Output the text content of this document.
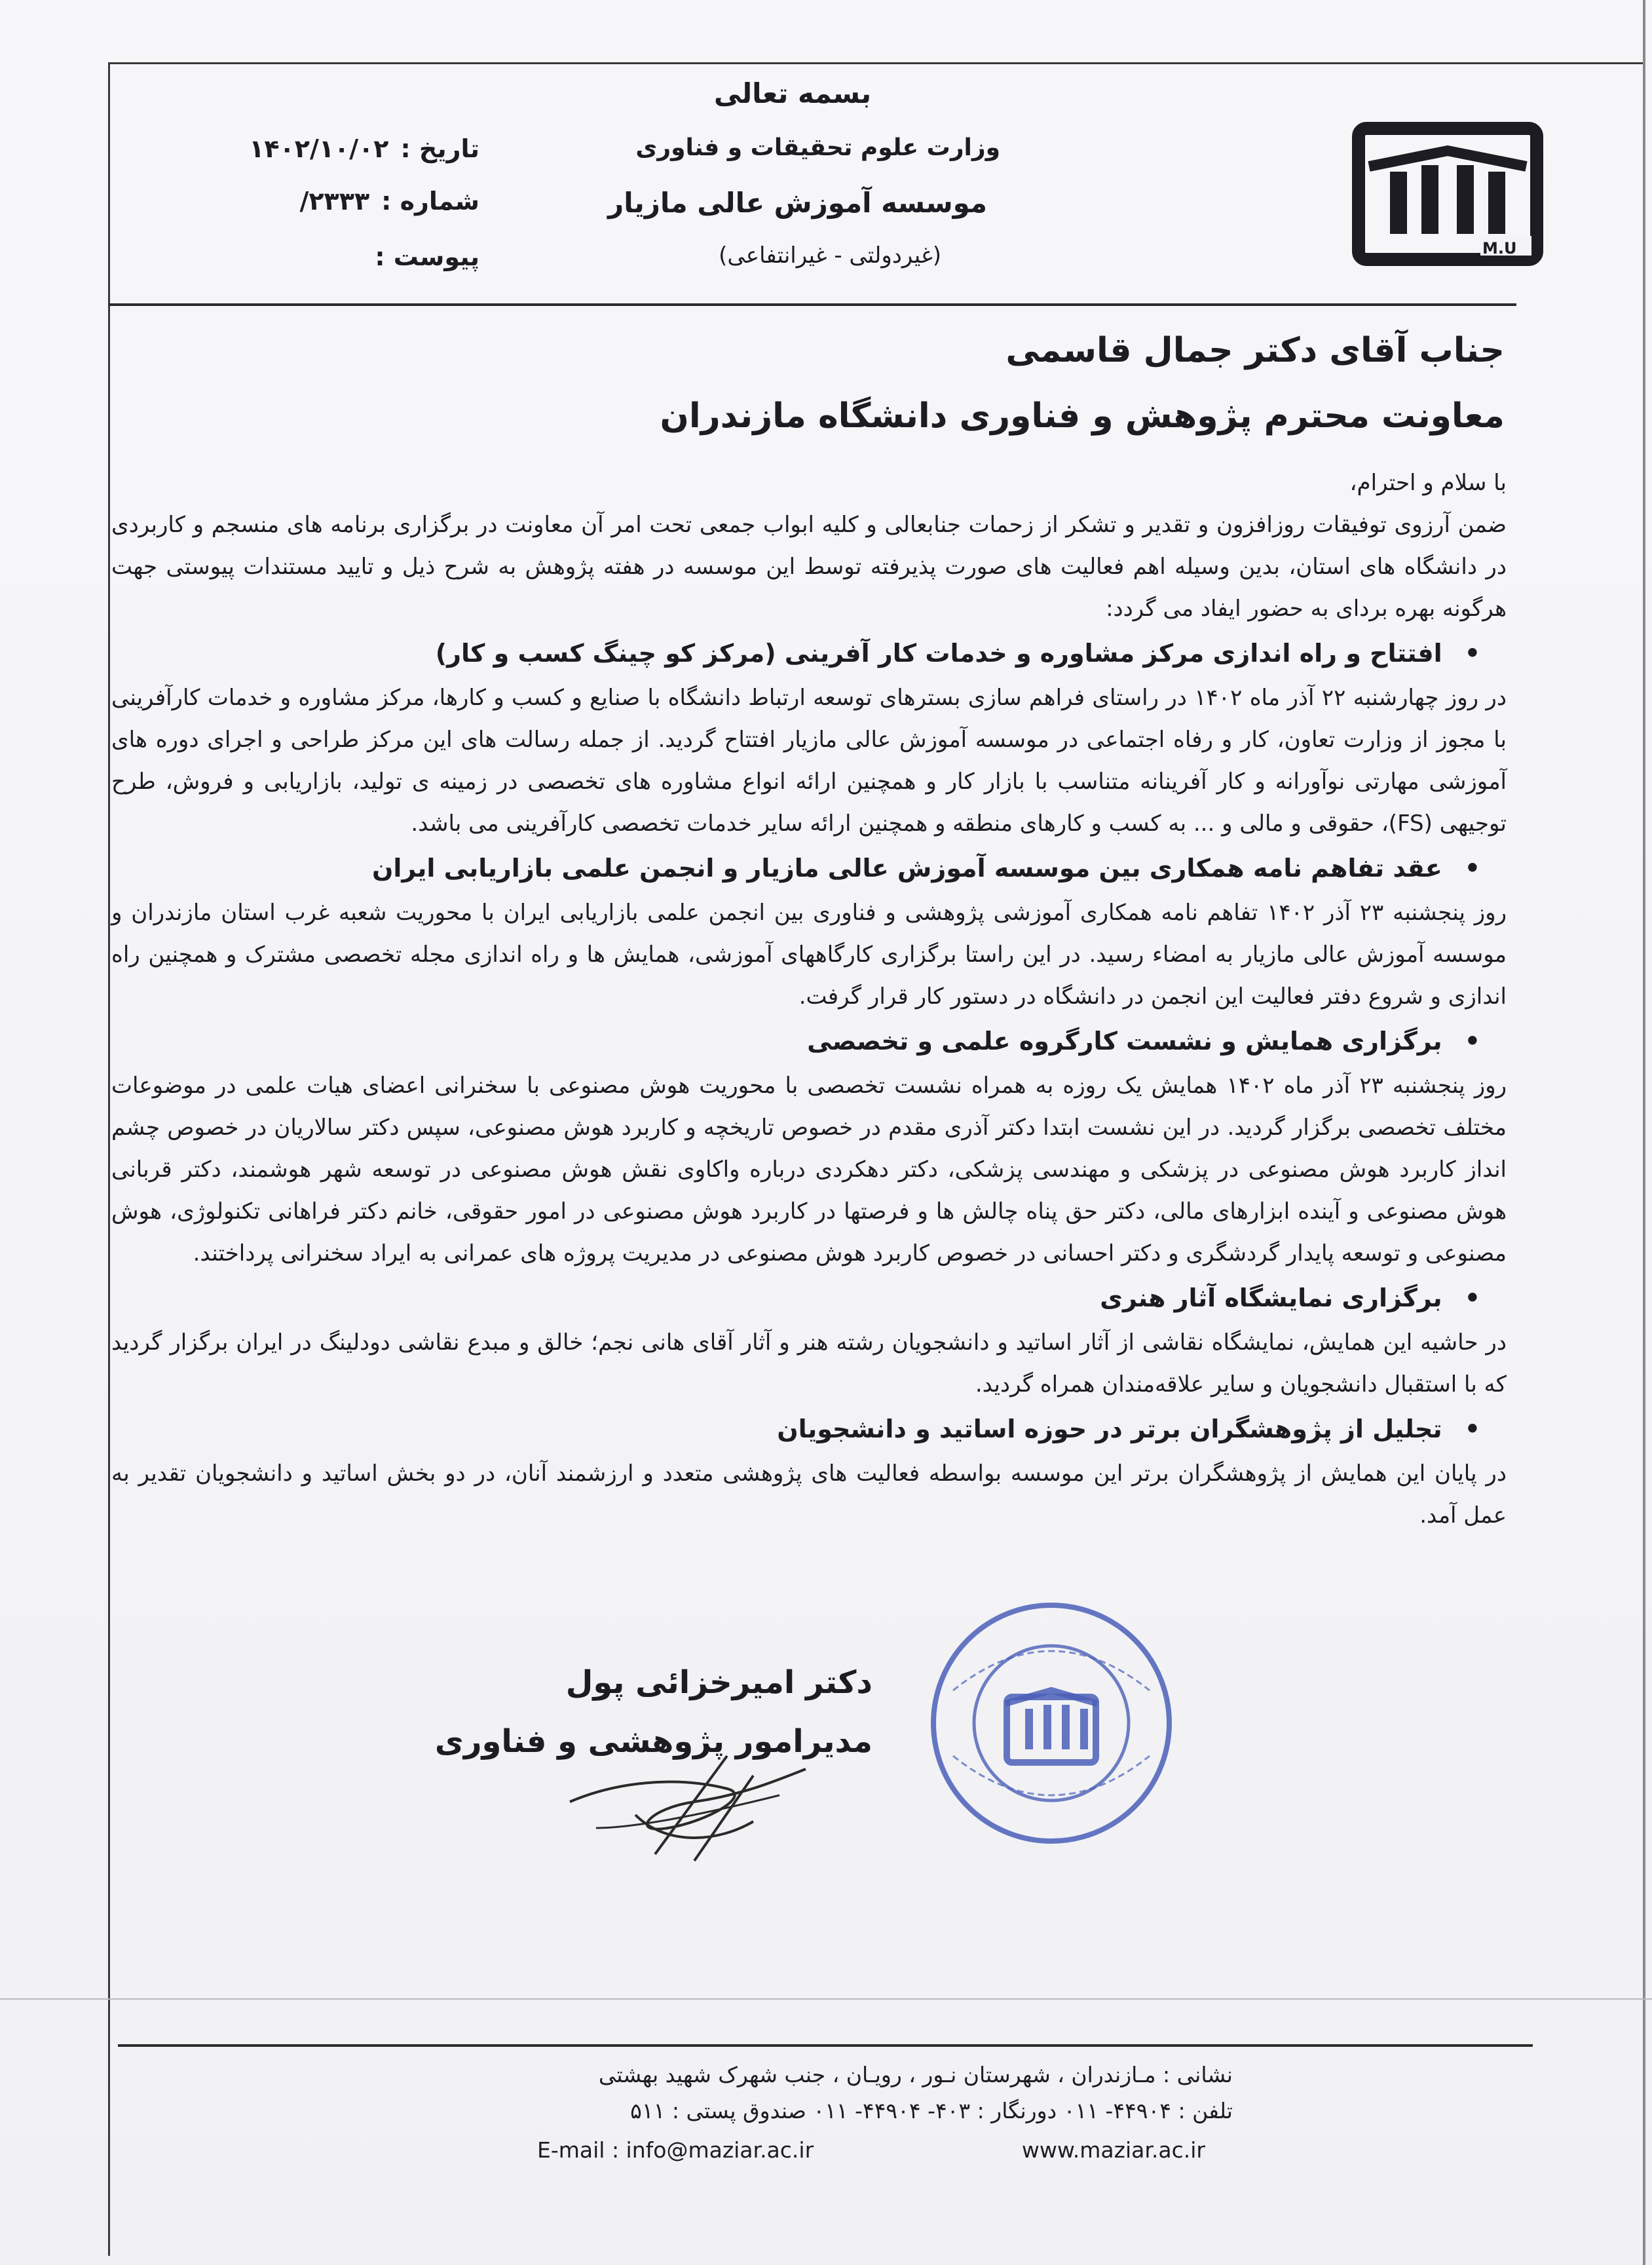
M.U
بسمه تعالی
وزارت علوم تحقیقات و فناوری
موسسه آموزش عالی مازیار
(غیردولتی - غیرانتفاعی)
تاریخ :۱۴۰۲/۱۰/۰۲
شماره :۲۳۳۳/
پیوست :
جناب آقای دکتر جمال قاسمی
معاونت محترم پژوهش و فناوری دانشگاه مازندران

با سلام و احترام،

ضمن آرزوی توفیقات روزافزون و تقدیر و تشکر از زحمات جنابعالی و کلیه ابواب جمعی تحت امر آن معاونت در برگزاری برنامه های منسجم و کاربردی در دانشگاه های استان، بدین وسیله اهم فعالیت های صورت پذیرفته توسط این موسسه در هفته پژوهش به شرح ذیل و تایید مستندات پیوستی جهت هرگونه بهره بردای به حضور ایفاد می گردد:

• افتتاح و راه اندازی مرکز مشاوره و خدمات کار آفرینی (مرکز کو چینگ کسب و کار)

در روز چهارشنبه ۲۲ آذر ماه ۱۴۰۲ در راستای فراهم سازی بسترهای توسعه ارتباط دانشگاه با صنایع و کسب و کارها، مرکز مشاوره و خدمات کارآفرینی با مجوز از وزارت تعاون، کار و رفاه اجتماعی در موسسه آموزش عالی مازیار افتتاح گردید. از جمله رسالت های این مرکز طراحی و اجرای دوره های آموزشی مهارتی نوآورانه و کار آفرینانه متناسب با بازار کار و همچنین ارائه انواع مشاوره های تخصصی در زمینه ی تولید، بازاریابی و فروش، طرح توجیهی (FS)، حقوقی و مالی و ... به کسب و کارهای منطقه و همچنین ارائه سایر خدمات تخصصی کارآفرینی می باشد.

• عقد تفاهم نامه همکاری بین موسسه آموزش عالی مازیار و انجمن علمی بازاریابی ایران

روز پنجشنبه ۲۳ آذر ۱۴۰۲ تفاهم نامه همکاری آموزشی پژوهشی و فناوری بین انجمن علمی بازاریابی ایران با محوریت شعبه غرب استان مازندران و موسسه آموزش عالی مازیار به امضاء رسید. در این راستا برگزاری کارگاههای آموزشی، همایش ها و راه اندازی مجله تخصصی مشترک و همچنین راه اندازی و شروع دفتر فعالیت این انجمن در دانشگاه در دستور کار قرار گرفت.

• برگزاری همایش و نشست کارگروه علمی و تخصصی

روز پنجشنبه ۲۳ آذر ماه ۱۴۰۲ همایش یک روزه به همراه نشست تخصصی با محوریت هوش مصنوعی با سخنرانی اعضای هیات علمی در موضوعات مختلف تخصصی برگزار گردید. در این نشست ابتدا دکتر آذری مقدم در خصوص تاریخچه و کاربرد هوش مصنوعی، سپس دکتر سالاریان در خصوص چشم انداز کاربرد هوش مصنوعی در پزشکی و مهندسی پزشکی، دکتر دهکردی درباره واکاوی نقش هوش مصنوعی در توسعه شهر هوشمند، دکتر قربانی هوش مصنوعی و آینده ابزارهای مالی، دکتر حق پناه چالش ها و فرصتها در کاربرد هوش مصنوعی در امور حقوقی، خانم دکتر فراهانی تکنولوژی، هوش مصنوعی و توسعه پایدار گردشگری و دکتر احسانی در خصوص کاربرد هوش مصنوعی در مدیریت پروژه های عمرانی به ایراد سخنرانی پرداختند.

• برگزاری نمایشگاه آثار هنری

در حاشیه این همایش، نمایشگاه نقاشی از آثار اساتید و دانشجویان رشته هنر و آثار آقای هانی نجم؛ خالق و مبدع نقاشی دودلینگ در ایران برگزار گردید که با استقبال دانشجویان و سایر علاقه‌مندان همراه گردید.

• تجلیل از پژوهشگران برتر در حوزه اساتید و دانشجویان

در پایان این همایش از پژوهشگران برتر این موسسه بواسطه فعالیت های پژوهشی متعدد و ارزشمند آنان، در دو بخش اساتید و دانشجویان تقدیر به عمل آمد.

دکتر امیرخزائی پول
مدیرامور پژوهشی و فناوری
نشانی : مـازندران ، شهرستان نـور ، رویـان ، جنب شهرک شهید بهشتی
تلفن : ۴۴۹۰۴- ۰۱۱ دورنگار : ۴۰۳- ۴۴۹۰۴- ۰۱۱ صندوق پستی : ۵۱۱
E-mail : info@maziar.ac.ir	www.maziar.ac.ir
